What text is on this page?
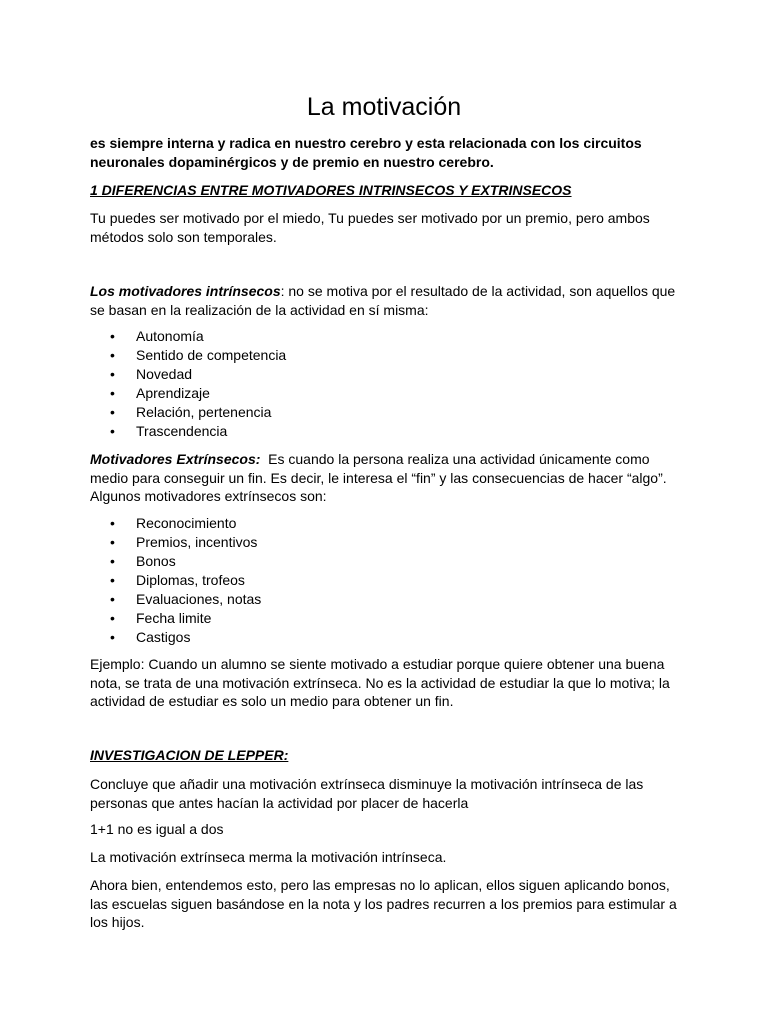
La motivación

es siempre interna y radica en nuestro cerebro y esta relacionada con los circuitos neuronales dopaminérgicos y de premio en nuestro cerebro.

1 DIFERENCIAS ENTRE MOTIVADORES INTRINSECOS Y EXTRINSECOS

Tu puedes ser motivado por el miedo, Tu puedes ser motivado por un premio, pero ambos métodos solo son temporales.

Los motivadores intrínsecos: no se motiva por el resultado de la actividad, son aquellos que se basan en la realización de la actividad en sí misma:

• Autonomía
• Sentido de competencia
• Novedad
• Aprendizaje
• Relación, pertenencia
• Trascendencia

Motivadores Extrínsecos:  Es cuando la persona realiza una actividad únicamente como medio para conseguir un fin. Es decir, le interesa el “fin” y las consecuencias de hacer “algo”. Algunos motivadores extrínsecos son:

• Reconocimiento
• Premios, incentivos
• Bonos
• Diplomas, trofeos
• Evaluaciones, notas
• Fecha limite
• Castigos

Ejemplo: Cuando un alumno se siente motivado a estudiar porque quiere obtener una buena nota, se trata de una motivación extrínseca. No es la actividad de estudiar la que lo motiva; la actividad de estudiar es solo un medio para obtener un fin.

INVESTIGACION DE LEPPER:

Concluye que añadir una motivación extrínseca disminuye la motivación intrínseca de las personas que antes hacían la actividad por placer de hacerla

1+1 no es igual a dos

La motivación extrínseca merma la motivación intrínseca.

Ahora bien, entendemos esto, pero las empresas no lo aplican, ellos siguen aplicando bonos, las escuelas siguen basándose en la nota y los padres recurren a los premios para estimular a los hijos.
